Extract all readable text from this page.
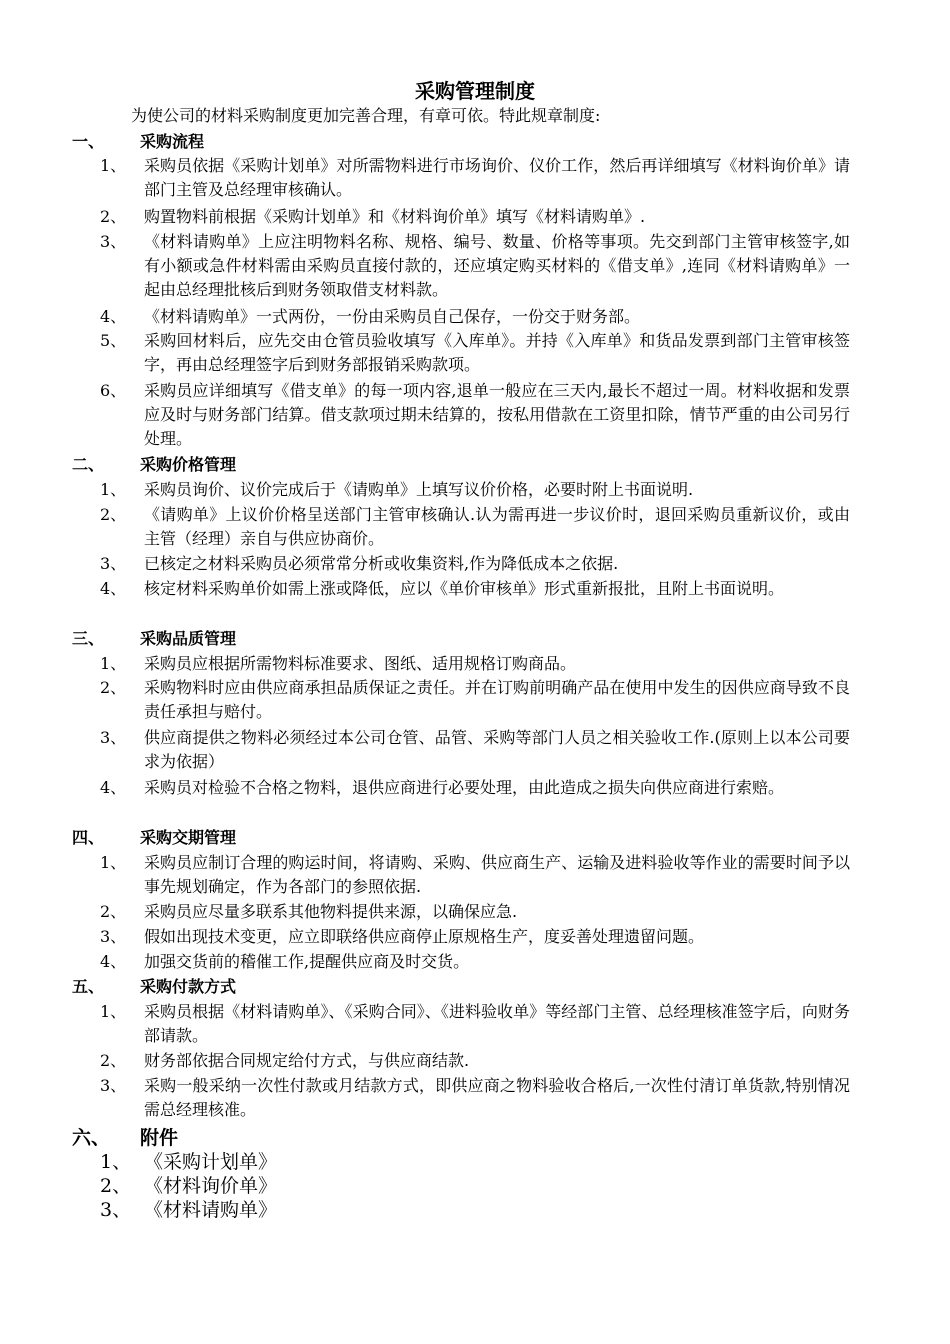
采购管理制度
为使公司的材料采购制度更加完善合理，有章可依。特此规章制度:
一、 采购流程
1、	采购员依据《采购计划单》对所需物料进行市场询价、仪价工作，然后再详细填写《材料询价单》请部门主管及总经理审核确认。
2、	购置物料前根据《采购计划单》和《材料询价单》填写《材料请购单》.
3、	《材料请购单》上应注明物料名称、规格、编号、数量、价格等事项。先交到部门主管审核签字,如有小额或急件材料需由采购员直接付款的，还应填定购买材料的《借支单》,连同《材料请购单》一起由总经理批核后到财务领取借支材料款。
4、	《材料请购单》一式两份，一份由采购员自己保存，一份交于财务部。
5、	采购回材料后，应先交由仓管员验收填写《入库单》。并持《入库单》和货品发票到部门主管审核签字，再由总经理签字后到财务部报销采购款项。
6、	采购员应详细填写《借支单》的每一项内容,退单一般应在三天内,最长不超过一周。材料收据和发票应及时与财务部门结算。借支款项过期未结算的，按私用借款在工资里扣除，情节严重的由公司另行处理。
二、 采购价格管理
1、	采购员询价、议价完成后于《请购单》上填写议价价格，必要时附上书面说明.
2、	《请购单》上议价价格呈送部门主管审核确认.认为需再进一步议价时，退回采购员重新议价，或由主管（经理）亲自与供应协商价。
3、	已核定之材料采购员必须常常分析或收集资料,作为降低成本之依据.
4、	核定材料采购单价如需上涨或降低，应以《单价审核单》形式重新报批，且附上书面说明。
三、 采购品质管理
1、	采购员应根据所需物料标准要求、图纸、适用规格订购商品。
2、	采购物料时应由供应商承担品质保证之责任。并在订购前明确产品在使用中发生的因供应商导致不良责任承担与赔付。
3、	供应商提供之物料必须经过本公司仓管、品管、采购等部门人员之相关验收工作.(原则上以本公司要求为依据）
4、	采购员对检验不合格之物料，退供应商进行必要处理，由此造成之损失向供应商进行索赔。
四、 采购交期管理
1、	采购员应制订合理的购运时间，将请购、采购、供应商生产、运输及进料验收等作业的需要时间予以事先规划确定，作为各部门的参照依据.
2、	采购员应尽量多联系其他物料提供来源，以确保应急.
3、	假如出现技术变更，应立即联络供应商停止原规格生产，度妥善处理遗留问题。
4、	加强交货前的稽催工作,提醒供应商及时交货。
五、 采购付款方式
1、	采购员根据《材料请购单》、《采购合同》、《进料验收单》等经部门主管、总经理核准签字后，向财务部请款。
2、	财务部依据合同规定给付方式，与供应商结款.
3、	采购一般采纳一次性付款或月结款方式，即供应商之物料验收合格后,一次性付清订单货款,特别情况需总经理核准。
六、 附件
1、 《采购计划单》
2、 《材料询价单》
3、 《材料请购单》
